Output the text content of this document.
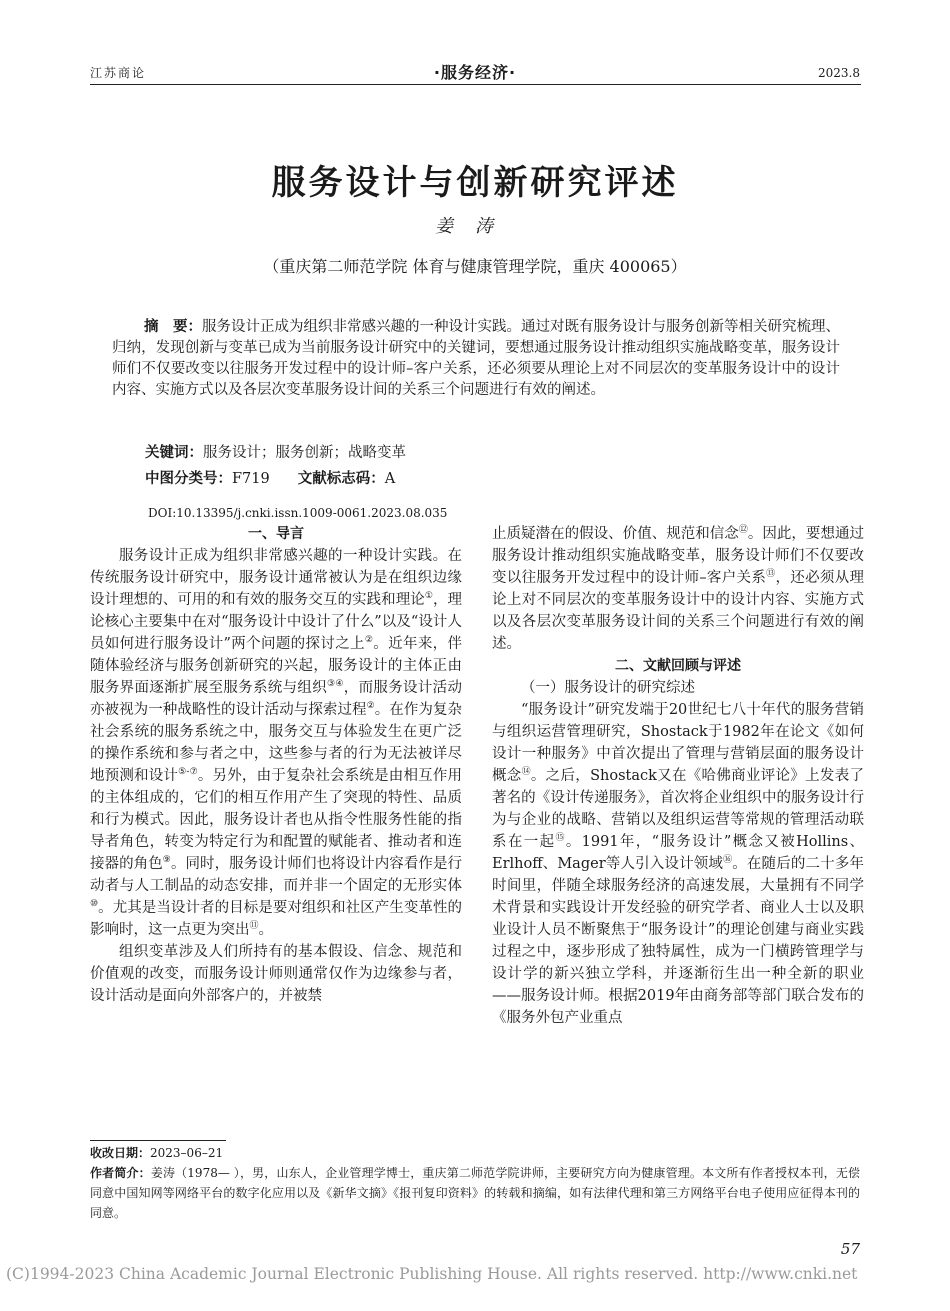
江苏商论	·服务经济·	2023.8
服务设计与创新研究评述
姜涛
（重庆第二师范学院 体育与健康管理学院，重庆 400065）
摘　要：服务设计正成为组织非常感兴趣的一种设计实践。通过对既有服务设计与服务创新等相关研究梳理、归纳，发现创新与变革已成为当前服务设计研究中的关键词，要想通过服务设计推动组织实施战略变革，服务设计师们不仅要改变以往服务开发过程中的设计师–客户关系，还必须要从理论上对不同层次的变革服务设计中的设计内容、实施方式以及各层次变革服务设计间的关系三个问题进行有效的阐述。
关键词：服务设计；服务创新；战略变革
中图分类号：F719 文献标志码：A
DOI:10.13395/j.cnki.issn.1009-0061.2023.08.035
一、导言

服务设计正成为组织非常感兴趣的一种设计实践。在传统服务设计研究中，服务设计通常被认为是在组织边缘设计理想的、可用的和有效的服务交互的实践和理论①，理论核心主要集中在对“服务设计中设计了什么”以及“设计人员如何进行服务设计”两个问题的探讨之上②。近年来，伴随体验经济与服务创新研究的兴起，服务设计的主体正由服务界面逐渐扩展至服务系统与组织③④，而服务设计活动亦被视为一种战略性的设计活动与探索过程②。在作为复杂社会系统的服务系统之中，服务交互与体验发生在更广泛的操作系统和参与者之中，这些参与者的行为无法被详尽地预测和设计⑤-⑦。另外，由于复杂社会系统是由相互作用的主体组成的，它们的相互作用产生了突现的特性、品质和行为模式。因此，服务设计者也从指令性服务性能的指导者角色，转变为特定行为和配置的赋能者、推动者和连接器的角色⑨。同时，服务设计师们也将设计内容看作是行动者与人工制品的动态安排，而并非一个固定的无形实体⑩。尤其是当设计者的目标是要对组织和社区产生变革性的影响时，这一点更为突出⑪。

组织变革涉及人们所持有的基本假设、信念、规范和价值观的改变，而服务设计师则通常仅作为边缘参与者，设计活动是面向外部客户的，并被禁

止质疑潜在的假设、价值、规范和信念⑫。因此，要想通过服务设计推动组织实施战略变革，服务设计师们不仅要改变以往服务开发过程中的设计师–客户关系⑬，还必须从理论上对不同层次的变革服务设计中的设计内容、实施方式以及各层次变革服务设计间的关系三个问题进行有效的阐述。

二、文献回顾与评述
（一）服务设计的研究综述

“服务设计”研究发端于20世纪七八十年代的服务营销与组织运营管理研究，Shostack于1982年在论文《如何设计一种服务》中首次提出了管理与营销层面的服务设计概念⑭。之后，Shostack又在《哈佛商业评论》上发表了著名的《设计传递服务》，首次将企业组织中的服务设计行为与企业的战略、营销以及组织运营等常规的管理活动联系在一起⑮。1991年，“服务设计”概念又被Hollins、Erlhoff、Mager等人引入设计领域⑯。在随后的二十多年时间里，伴随全球服务经济的高速发展，大量拥有不同学术背景和实践设计开发经验的研究学者、商业人士以及职业设计人员不断聚焦于“服务设计”的理论创建与商业实践过程之中，逐步形成了独特属性，成为一门横跨管理学与设计学的新兴独立学科，并逐渐衍生出一种全新的职业——服务设计师。根据2019年由商务部等部门联合发布的《服务外包产业重点

收改日期：2023–06–21
作者简介：姜涛（1978— ），男，山东人，企业管理学博士，重庆第二师范学院讲师，主要研究方向为健康管理。本文所有作者授权本刊，无偿同意中国知网等网络平台的数字化应用以及《新华文摘》《报刊复印资料》的转载和摘编，如有法律代理和第三方网络平台电子使用应征得本刊的同意。
57
(C)1994-2023 China Academic Journal Electronic Publishing House. All rights reserved. http://www.cnki.net
